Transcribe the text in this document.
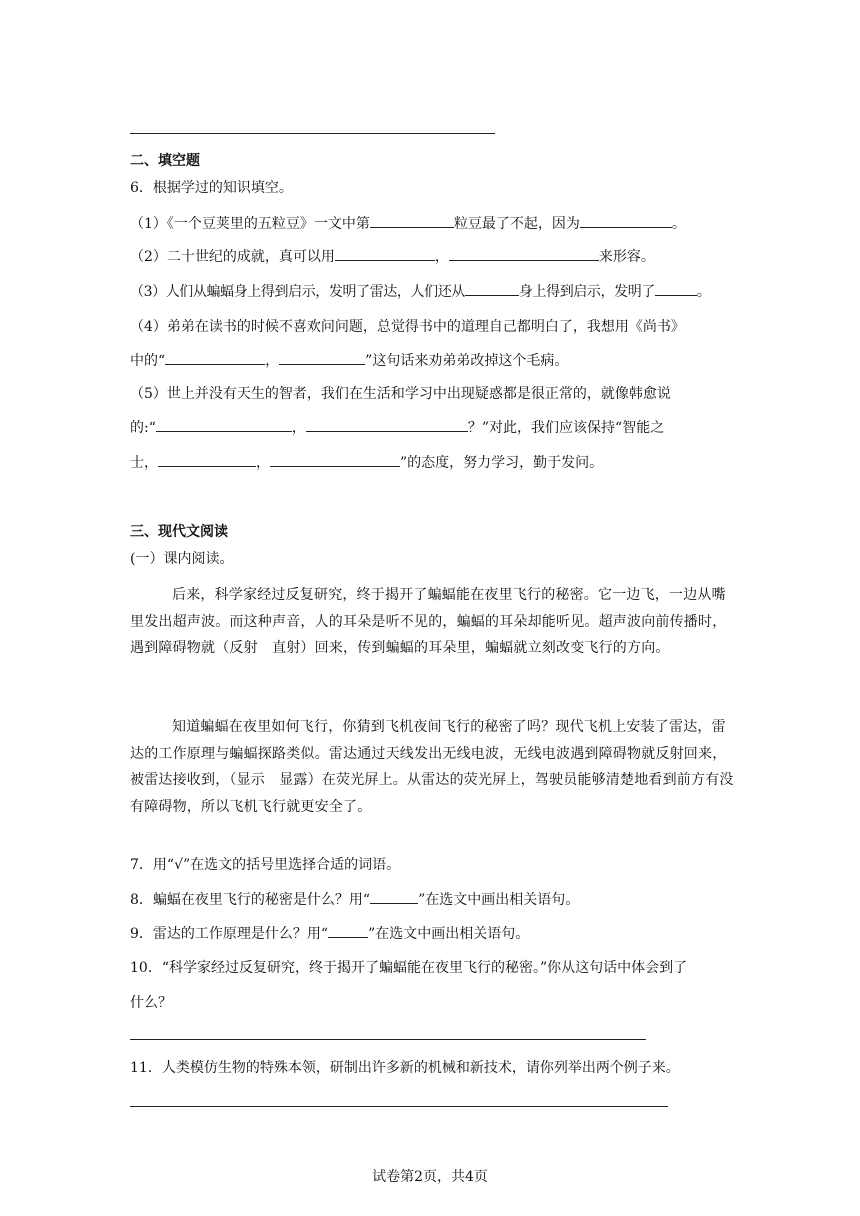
二、填空题
6．根据学过的知识填空。
（1）《一个豆荚里的五粒豆》一文中第	粒豆最了不起，因为	。
（2）二十世纪的成就，真可以用	，	来形容。
（3）人们从蝙蝠身上得到启示，发明了雷达，人们还从	身上得到启示，发明了	。
（4）弟弟在读书的时候不喜欢问问题，总觉得书中的道理自己都明白了，我想用《尚书》
中的“	，	”这句话来劝弟弟改掉这个毛病。
（5）世上并没有天生的智者，我们在生活和学习中出现疑惑都是很正常的，就像韩愈说
的:“	，	？”对此，我们应该保持“智能之
士，	，	”的态度，努力学习，勤于发问。
三、现代文阅读
(一）课内阅读。
后来，科学家经过反复研究，终于揭开了蝙蝠能在夜里飞行的秘密。它一边飞，一边从嘴里发出超声波。而这种声音，人的耳朵是听不见的，蝙蝠的耳朵却能听见。超声波向前传播时，遇到障碍物就（反射　直射）回来，传到蝙蝠的耳朵里，蝙蝠就立刻改变飞行的方向。
知道蝙蝠在夜里如何飞行，你猜到飞机夜间飞行的秘密了吗？现代飞机上安装了雷达，雷达的工作原理与蝙蝠探路类似。雷达通过天线发出无线电波，无线电波遇到障碍物就反射回来，被雷达接收到，（显示　显露）在荧光屏上。从雷达的荧光屏上，驾驶员能够清楚地看到前方有没有障碍物，所以飞机飞行就更安全了。
7．用“√”在选文的括号里选择合适的词语。
8．蝙蝠在夜里飞行的秘密是什么？用“	”在选文中画出相关语句。
9．雷达的工作原理是什么？用“	”在选文中画出相关语句。
10．“科学家经过反复研究，终于揭开了蝙蝠能在夜里飞行的秘密。”你从这句话中体会到了
什么？
11．人类模仿生物的特殊本领，研制出许多新的机械和新技术，请你列举出两个例子来。
试卷第2页，共4页
